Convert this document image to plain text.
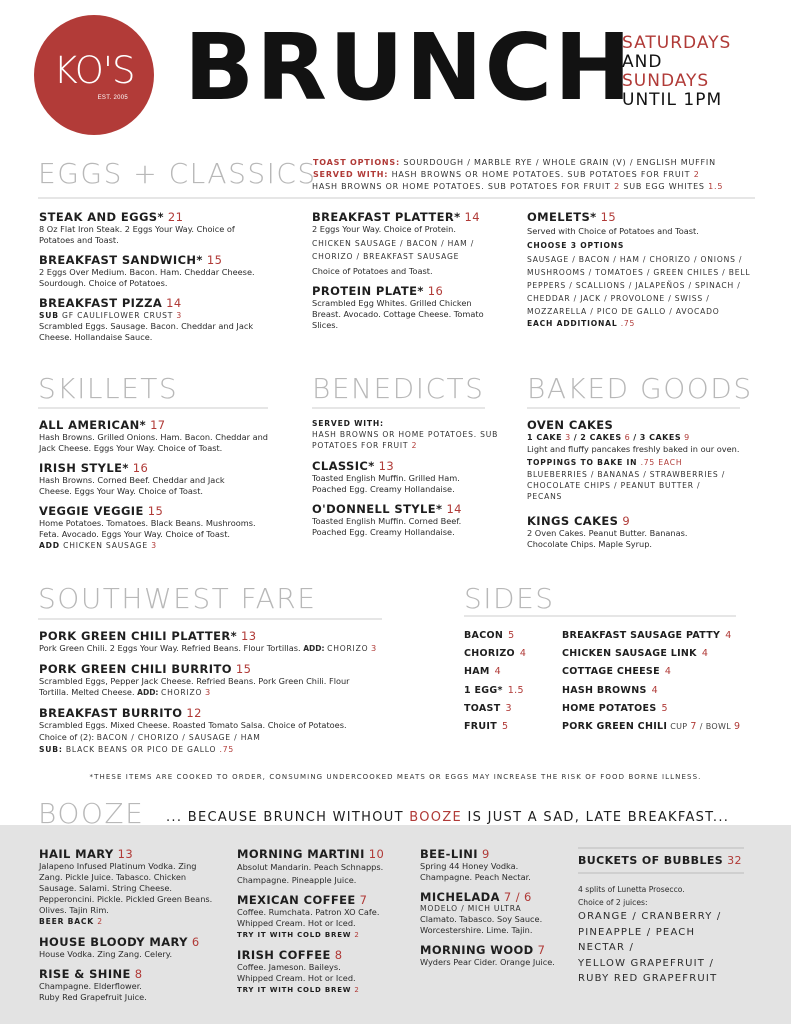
KO'S
EST. 2005 BRUNCH
SATURDAYS
AND
SUNDAYS
UNTIL 1PM
EGGS + CLASSICS
TOAST OPTIONS: SOURDOUGH / MARBLE RYE / WHOLE GRAIN (V) / ENGLISH MUFFIN
SERVED WITH: HASH BROWNS OR HOME POTATOES. SUB POTATOES FOR FRUIT 2
HASH BROWNS OR HOME POTATOES. SUB POTATOES FOR FRUIT 2 SUB EGG WHITES 1.5
STEAK AND EGGS* 21
8 Oz Flat Iron Steak. 2 Eggs Your Way. Choice of Potatoes and Toast.
BREAKFAST SANDWICH* 15
2 Eggs Over Medium. Bacon. Ham. Cheddar Cheese. Sourdough. Choice of Potatoes.
BREAKFAST PIZZA 14
SUB GF CAULIFLOWER CRUST 3
Scrambled Eggs. Sausage. Bacon. Cheddar and Jack Cheese. Hollandaise Sauce.
BREAKFAST PLATTER* 14
2 Eggs Your Way. Choice of Protein.
CHICKEN SAUSAGE / BACON / HAM / CHORIZO / BREAKFAST SAUSAGE
Choice of Potatoes and Toast.
PROTEIN PLATE* 16
Scrambled Egg Whites. Grilled Chicken Breast. Avocado. Cottage Cheese. Tomato Slices.
OMELETS* 15
Served with Choice of Potatoes and Toast.
CHOOSE 3 OPTIONS
SAUSAGE / BACON / HAM / CHORIZO / ONIONS / MUSHROOMS / TOMATOES / GREEN CHILES / BELL PEPPERS / SCALLIONS / JALAPEÑOS / SPINACH / CHEDDAR / JACK / PROVOLONE / SWISS / MOZZARELLA / PICO DE GALLO / AVOCADO
EACH ADDITIONAL .75
SKILLETS
ALL AMERICAN* 17
Hash Browns. Grilled Onions. Ham. Bacon. Cheddar and Jack Cheese. Eggs Your Way. Choice of Toast.
IRISH STYLE* 16
Hash Browns. Corned Beef. Cheddar and Jack Cheese. Eggs Your Way. Choice of Toast.
VEGGIE VEGGIE 15
Home Potatoes. Tomatoes. Black Beans. Mushrooms. Feta. Avocado. Eggs Your Way. Choice of Toast.
ADD CHICKEN SAUSAGE 3
BENEDICTS
SERVED WITH:
HASH BROWNS OR HOME POTATOES. SUB POTATOES FOR FRUIT 2
CLASSIC* 13
Toasted English Muffin. Grilled Ham. Poached Egg. Creamy Hollandaise.
O'DONNELL STYLE* 14
Toasted English Muffin. Corned Beef. Poached Egg. Creamy Hollandaise.
BAKED GOODS
OVEN CAKES
1 CAKE 3 / 2 CAKES 6 / 3 CAKES 9
Light and fluffy pancakes freshly baked in our oven.
TOPPINGS TO BAKE IN .75 EACH
BLUEBERRIES / BANANAS / STRAWBERRIES / CHOCOLATE CHIPS / PEANUT BUTTER / PECANS
KINGS CAKES 9
2 Oven Cakes. Peanut Butter. Bananas. Chocolate Chips. Maple Syrup.
SOUTHWEST FARE
PORK GREEN CHILI PLATTER* 13
Pork Green Chili. 2 Eggs Your Way. Refried Beans. Flour Tortillas. ADD: CHORIZO 3
PORK GREEN CHILI BURRITO 15
Scrambled Eggs, Pepper Jack Cheese. Refried Beans. Pork Green Chili. Flour Tortilla. Melted Cheese. ADD: CHORIZO 3
BREAKFAST BURRITO 12
Scrambled Eggs. Mixed Cheese. Roasted Tomato Salsa. Choice of Potatoes.
Choice of (2): BACON / CHORIZO / SAUSAGE / HAM
SUB: BLACK BEANS OR PICO DE GALLO .75
SIDES
BACON 5
CHORIZO 4
HAM 4
1 EGG* 1.5
TOAST 3
FRUIT 5
BREAKFAST SAUSAGE PATTY 4
CHICKEN SAUSAGE LINK 4
COTTAGE CHEESE 4
HASH BROWNS 4
HOME POTATOES 5
PORK GREEN CHILI CUP 7 / BOWL 9
*THESE ITEMS ARE COOKED TO ORDER, CONSUMING UNDERCOOKED MEATS OR EGGS MAY INCREASE THE RISK OF FOOD BORNE ILLNESS.
BOOZE ... BECAUSE BRUNCH WITHOUT BOOZE IS JUST A SAD, LATE BREAKFAST...
HAIL MARY 13
Jalapeno Infused Platinum Vodka. Zing Zang. Pickle Juice. Tabasco. Chicken Sausage. Salami. String Cheese. Pepperoncini. Pickle. Pickled Green Beans. Olives. Tajin Rim.
BEER BACK 2
HOUSE BLOODY MARY 6
House Vodka. Zing Zang. Celery.
RISE & SHINE 8
Champagne. Elderflower. Ruby Red Grapefruit Juice.
MORNING MARTINI 10
Absolut Mandarin. Peach Schnapps. Champagne. Pineapple Juice.
MEXICAN COFFEE 7
Coffee. Rumchata. Patron XO Cafe. Whipped Cream. Hot or Iced.
TRY IT WITH COLD BREW 2
IRISH COFFEE 8
Coffee. Jameson. Baileys. Whipped Cream. Hot or Iced.
TRY IT WITH COLD BREW 2
BEE-LINI 9
Spring 44 Honey Vodka. Champagne. Peach Nectar.
MICHELADA 7 / 6
MODELO / MICH ULTRA
Clamato. Tabasco. Soy Sauce. Worcestershire. Lime. Tajin.
MORNING WOOD 7
Wyders Pear Cider. Orange Juice.
BUCKETS OF BUBBLES 32
4 splits of Lunetta Prosecco.
Choice of 2 juices:
ORANGE / CRANBERRY /
PINEAPPLE / PEACH NECTAR /
YELLOW GRAPEFRUIT /
RUBY RED GRAPEFRUIT
